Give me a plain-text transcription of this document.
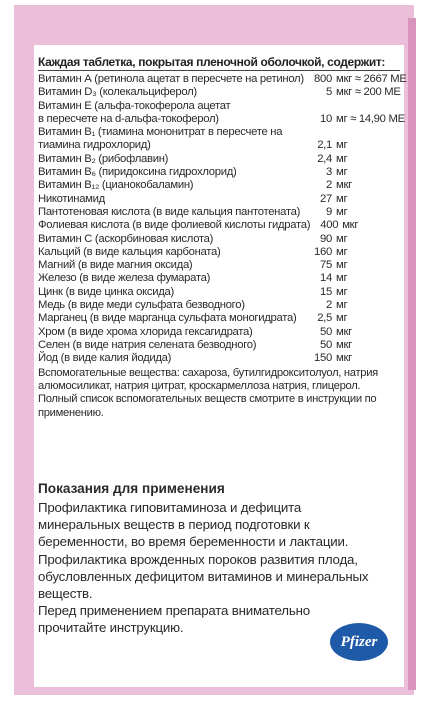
Каждая таблетка, покрытая пленочной оболочкой, содержит:
Витамин А (ретинола ацетат в пересчете на ретинол) 800 мкг ≈ 2667 МЕ
Витамин D₃ (колекальциферол)	5 мкг ≈ 200 МЕ
Витамин Е (альфа-токоферола ацетат
в пересчете на d-альфа-токоферол)	10 мг ≈ 14,90 МЕ
Витамин B₁ (тиамина мононитрат в пересчете на
тиамина гидрохлорид)	2,1 мг
Витамин B₂ (рибофлавин)	2,4 мг
Витамин B₆ (пиридоксина гидрохлорид)	3 мг
Витамин B₁₂ (цианокобаламин)	2 мкг
Никотинамид	27 мг
Пантотеновая кислота (в виде кальция пантотената)	9 мг
Фолиевая кислота (в виде фолиевой кислоты гидрата) 400 мкг
Витамин С (аскорбиновая кислота)	90 мг
Кальций (в виде кальция карбоната)	160 мг
Магний (в виде магния оксида)	75 мг
Железо (в виде железа фумарата)	14 мг
Цинк (в виде цинка оксида)	15 мг
Медь (в виде меди сульфата безводного)	2 мг
Марганец (в виде марганца сульфата моногидрата)	2,5 мг
Хром (в виде хрома хлорида гексагидрата)	50 мкг
Селен (в виде натрия селената безводного)	50 мкг
Йод (в виде калия йодида)	150 мкг
Вспомогательные вещества: сахароза, бутилгидрокситолуол, натрия алюмосиликат, натрия цитрат, кроскармеллоза натрия, глицерол. Полный список вспомогательных веществ смотрите в инструкции по применению.
Показания для применения

Профилактика гиповитаминоза и дефицита минеральных веществ в период подготовки к беременности, во время беременности и лактации.

Профилактика врожденных пороков развития плода, обусловленных дефицитом витаминов и минеральных веществ.

Перед применением препарата внимательно прочитайте инструкцию.

Pfizer
